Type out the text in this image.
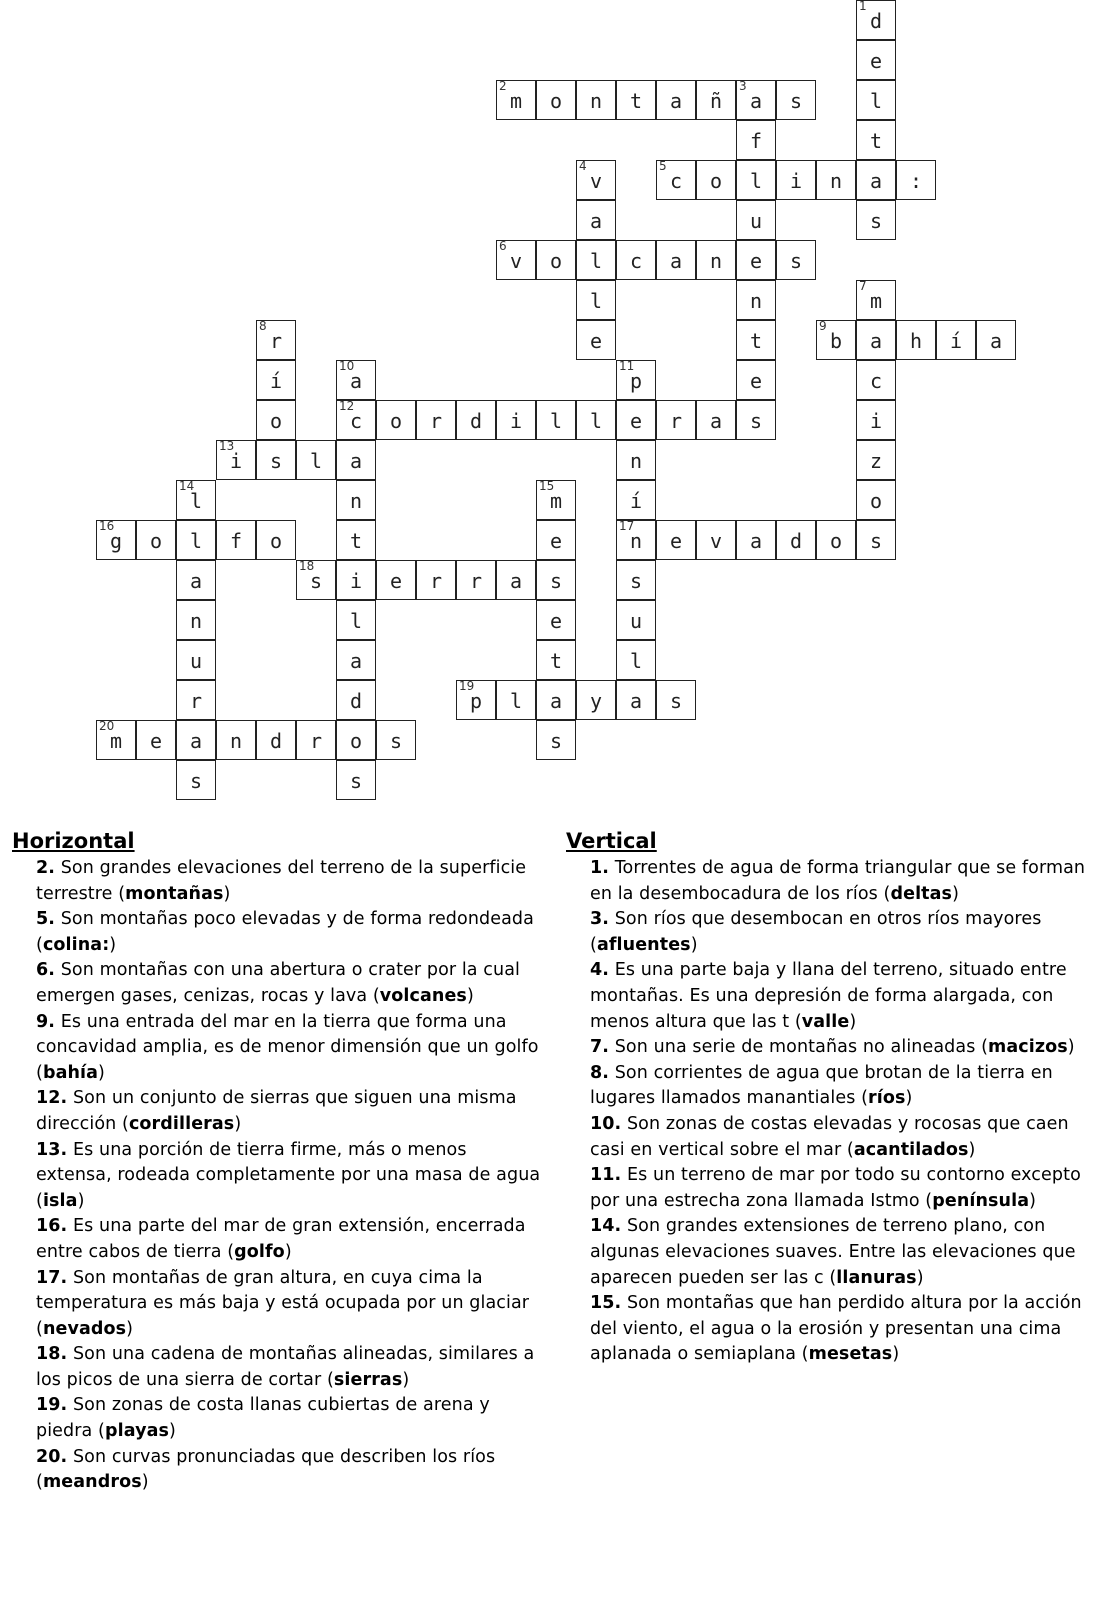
d
1
e
l
t
a
s
m
2
o	n	t	a	ñ	a
3
s
f
l
u
e
n
t
e
s
v
4
a
l
l
e
c
5
o	i	n	:
v
6
o	c	a	n	s
m
7
a
c
i
z
o
s
r
8
í
o
s
b
9
h	í	a
a
10
c
12
a
n
t
i
l
a
d
o
s
p
11
e
n
í
n
17
s
u
l
a
o	r	d	i	l	l	r	a
i
13
l
l
14
l
a
n
u
r
a
s
m
15
e
s
e
t
a
s
g
16
o	f	o	e	v	a	d	o
s
18
e	r	r	a
p
19
l	y	s
m
20
e	n	d	r	s
Horizontal
2. Son grandes elevaciones del terreno de la superficie terrestre (montañas)
5. Son montañas poco elevadas y de forma redondeada (colina:)
6. Son montañas con una abertura o crater por la cual emergen gases, cenizas, rocas y lava (volcanes)
9. Es una entrada del mar en la tierra que forma una concavidad amplia, es de menor dimensión que un golfo (bahía)
12. Son un conjunto de sierras que siguen una misma dirección (cordilleras)
13. Es una porción de tierra firme, más o menos extensa, rodeada completamente por una masa de agua (isla)
16. Es una parte del mar de gran extensión, encerrada entre cabos de tierra (golfo)
17. Son montañas de gran altura, en cuya cima la temperatura es más baja y está ocupada por un glaciar (nevados)
18. Son una cadena de montañas alineadas, similares a los picos de una sierra de cortar (sierras)
19. Son zonas de costa llanas cubiertas de arena y piedra (playas)
20. Son curvas pronunciadas que describen los ríos (meandros)
Vertical
1. Torrentes de agua de forma triangular que se forman en la desembocadura de los ríos (deltas)
3. Son ríos que desembocan en otros ríos mayores (afluentes)
4. Es una parte baja y llana del terreno, situado entre montañas. Es una depresión de forma alargada, con menos altura que las t (valle)
7. Son una serie de montañas no alineadas (macizos)
8. Son corrientes de agua que brotan de la tierra en lugares llamados manantiales (ríos)
10. Son zonas de costas elevadas y rocosas que caen casi en vertical sobre el mar (acantilados)
11. Es un terreno de mar por todo su contorno excepto por una estrecha zona llamada Istmo (península)
14. Son grandes extensiones de terreno plano, con algunas elevaciones suaves. Entre las elevaciones que aparecen pueden ser las c (llanuras)
15. Son montañas que han perdido altura por la acción del viento, el agua o la erosión y presentan una cima aplanada o semiaplana (mesetas)
